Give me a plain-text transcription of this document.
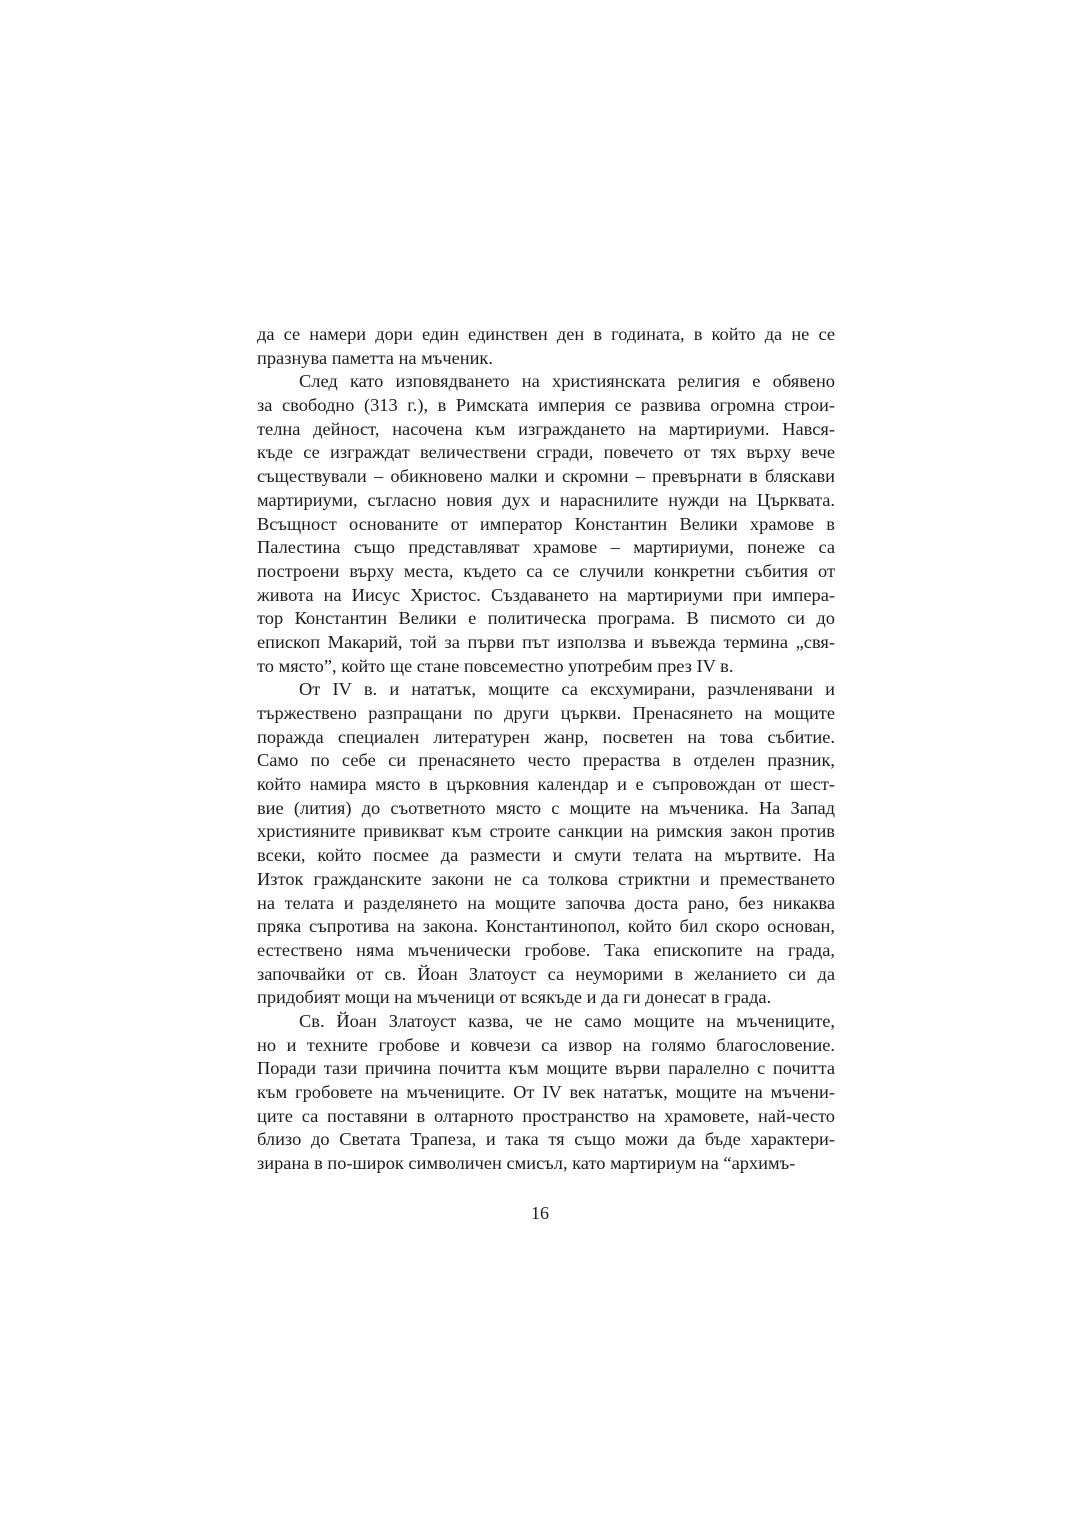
да се намери дори един единствен ден в годината, в който да не се
празнува паметта на мъченик.
След като изповядването на християнската религия е обявено
за свободно (313 г.), в Римската империя се развива огромна строи-
телна дейност, насочена към изграждането на мартириуми. Нався-
къде се изграждат величествени сгради, повечето от тях върху вече
съществували – обикновено малки и скромни – превърнати в бляскави
мартириуми, съгласно новия дух и нараснилите нужди на Църквата.
Всъщност основаните от император Константин Велики храмове в
Палестина също представляват храмове – мартириуми, понеже са
построени върху места, където са се случили конкретни събития от
живота на Иисус Христос. Създаването на мартириуми при импера-
тор Константин Велики е политическа програма. В писмото си до
епископ Макарий, той за първи път използва и въвежда термина „свя-
то място”, който ще стане повсеместно употребим през IV в.
От IV в. и нататък, мощите са ексхумирани, разчленявани и
тържествено разпращани по други църкви. Пренасянето на мощите
поражда специален литературен жанр, посветен на това събитие.
Само по себе си пренасянето често прераства в отделен празник,
който намира място в църковния календар и е съпровождан от шест-
вие (лития) до съответното място с мощите на мъченика. На Запад
християните привикват към строите санкции на римския закон против
всеки, който посмее да размести и смути телата на мъртвите. На
Изток гражданските закони не са толкова стриктни и преместването
на телата и разделянето на мощите започва доста рано, без никаква
пряка съпротива на закона. Константинопол, който бил скоро основан,
естествено няма мъченически гробове. Така епископите на града,
започвайки от св. Йоан Златоуст са неуморими в желанието си да
придобият мощи на мъченици от всякъде и да ги донесат в града.
Св. Йоан Златоуст казва, че не само мощите на мъчениците,
но и техните гробове и ковчези са извор на голямо благословение.
Поради тази причина почитта към мощите върви паралелно с почитта
към гробовете на мъчениците. От IV век нататък, мощите на мъчени-
ците са поставяни в олтарното пространство на храмовете, най-често
близо до Светата Трапеза, и така тя също можи да бъде характери-
зирана в по-широк символичен смисъл, като мартириум на “архимъ-
16
